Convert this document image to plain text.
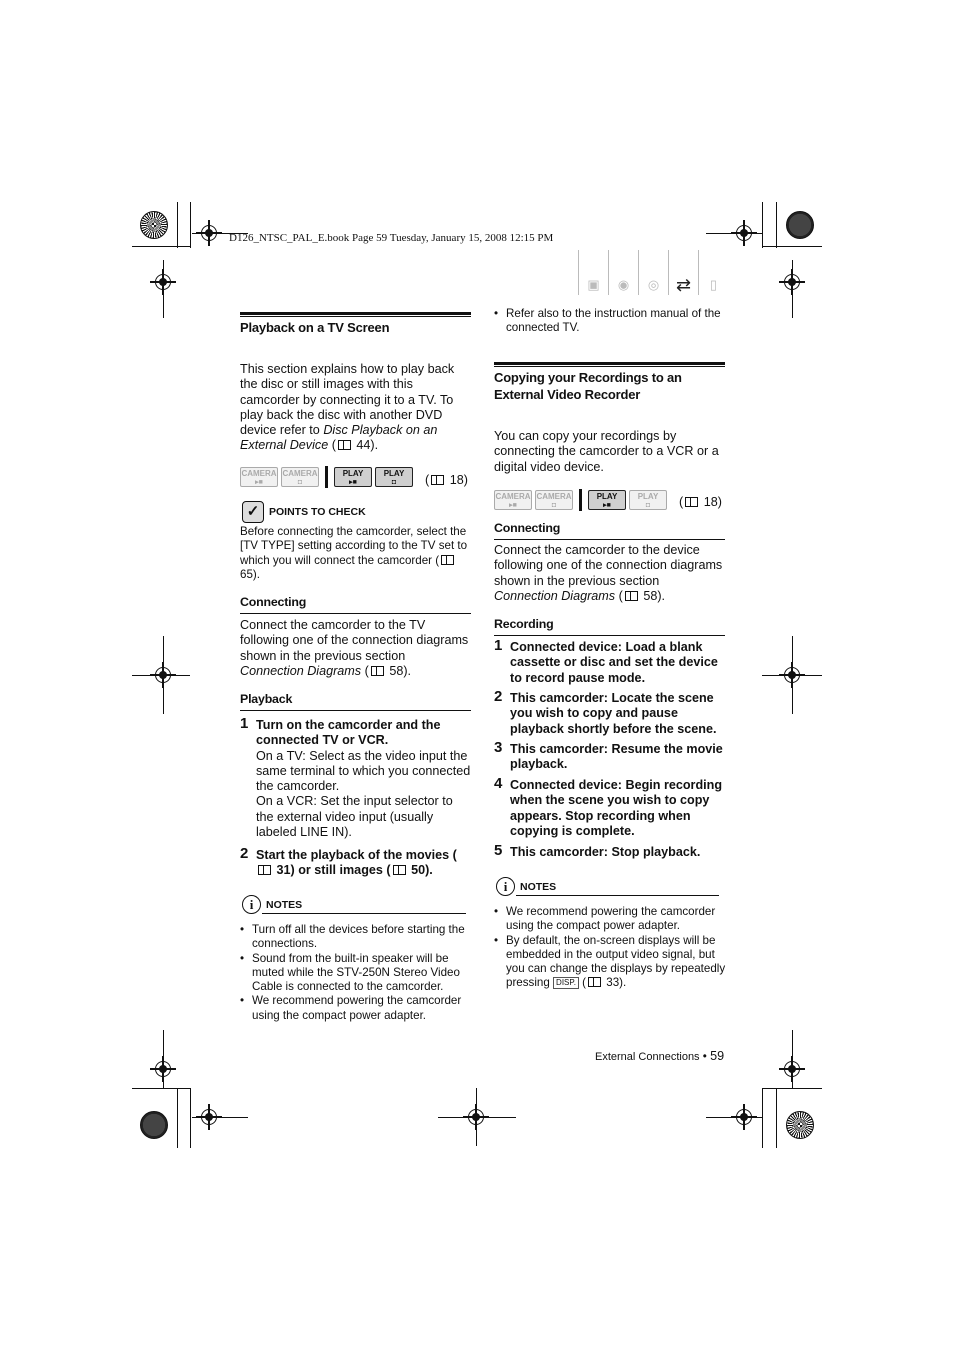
D126_NTSC_PAL_E.book Page 59 Tuesday, January 15, 2008 12:15 PM
▣	◉	◎ ⇄	▯
Playback on a TV Screen
This section explains how to play back the disc or still images with this camcorder by connecting it to a TV. To play back the disc with another DVD device refer to Disc Playback on an External Device ( 44).
CAMERA
▸■
CAMERA
◘
PLAY
▸■
PLAY
◘	( 18)
✓ POINTS TO CHECK
Before connecting the camcorder, select the [TV TYPE] setting according to the TV set to which you will connect the camcorder ( 65).
Connecting
Connect the camcorder to the TV following one of the connection diagrams shown in the previous section Connection Diagrams ( 58).
Playback
1 Turn on the camcorder and the connected TV or VCR.
On a TV: Select as the video input the same terminal to which you connected the camcorder.
On a VCR: Set the input selector to the external video input (usually labeled LINE IN).
2 Start the playback of the movies ( 31) or still images ( 50).
i	NOTES
• Turn off all the devices before starting the connections.
• Sound from the built-in speaker will be muted while the STV-250N Stereo Video Cable is connected to the camcorder.
• We recommend powering the camcorder using the compact power adapter.
• Refer also to the instruction manual of the connected TV.
Copying your Recordings to an External Video Recorder
You can copy your recordings by connecting the camcorder to a VCR or a digital video device.
CAMERA
▸■
CAMERA
◘
PLAY
▸■
PLAY
◘	( 18)
Connecting
Connect the camcorder to the device following one of the connection diagrams shown in the previous section Connection Diagrams ( 58).
Recording
1 Connected device: Load a blank cassette or disc and set the device to record pause mode.
2 This camcorder: Locate the scene you wish to copy and pause playback shortly before the scene.
3 This camcorder: Resume the movie playback.
4 Connected device: Begin recording when the scene you wish to copy appears. Stop recording when copying is complete.
5 This camcorder: Stop playback.
i	NOTES
• We recommend powering the camcorder using the compact power adapter.
• By default, the on-screen displays will be embedded in the output video signal, but you can change the displays by repeatedly pressing DISP. ( 33).
External Connections • 59
